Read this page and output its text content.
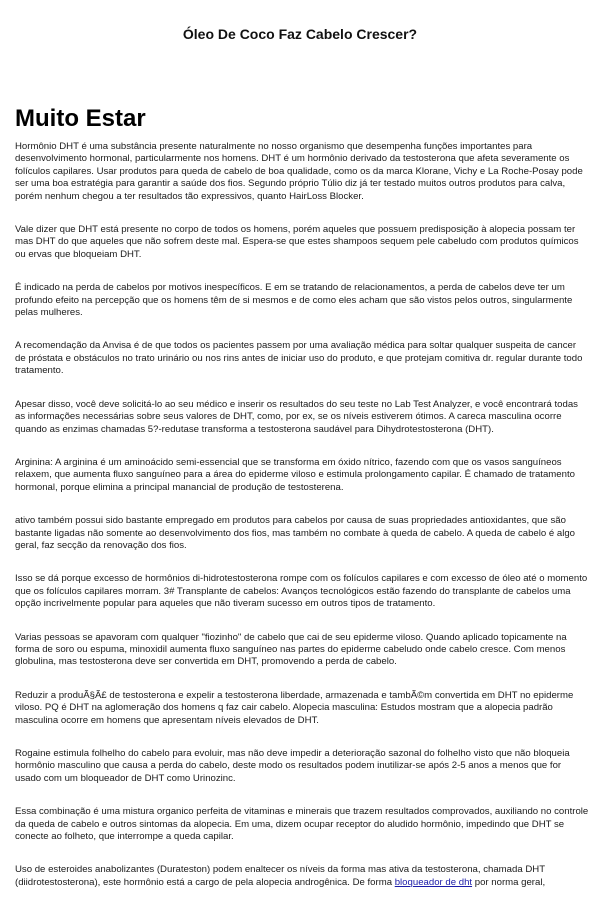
Óleo De Coco Faz Cabelo Crescer?
Muito Estar

Hormônio DHT é uma substância presente naturalmente no nosso organismo que desempenha funções importantes para desenvolvimento hormonal, particularmente nos homens. DHT é um hormônio derivado da testosterona que afeta severamente os folículos capilares. Usar produtos para queda de cabelo de boa qualidade, como os da marca Klorane, Vichy e La Roche-Posay pode ser uma boa estratégia para garantir a saúde dos fios. Segundo próprio Túlio diz já ter testado muitos outros produtos para calva, porém nenhum chegou a ter resultados tão expressivos, quanto HairLoss Blocker.

Vale dizer que DHT está presente no corpo de todos os homens, porém aqueles que possuem predisposição à alopecia possam ter mas DHT do que aqueles que não sofrem deste mal. Espera-se que estes shampoos sequem pele cabeludo com produtos químicos ou ervas que bloqueiam DHT.

É indicado na perda de cabelos por motivos inespecíficos. E em se tratando de relacionamentos, a perda de cabelos deve ter um profundo efeito na percepção que os homens têm de si mesmos e de como eles acham que são vistos pelos outros, singularmente pelas mulheres.

A recomendação da Anvisa é de que todos os pacientes passem por uma avaliação médica para soltar qualquer suspeita de cancer de próstata e obstáculos no trato urinário ou nos rins antes de iniciar uso do produto, e que protejam comitiva dr. regular durante todo tratamento.

Apesar disso, você deve solicitá-lo ao seu médico e inserir os resultados do seu teste no Lab Test Analyzer, e você encontrará todas as informações necessárias sobre seus valores de DHT, como, por ex, se os níveis estiverem ótimos. A careca masculina ocorre quando as enzimas chamadas 5?-redutase transforma a testosterona saudável para Dihydrotestosterona (DHT).

Arginina: A arginina é um aminoácido semi-essencial que se transforma em óxido nítrico, fazendo com que os vasos sanguíneos relaxem, que aumenta fluxo sanguíneo para a área do epiderme viloso e estimula prolongamento capilar. É chamado de tratamento hormonal, porque elimina a principal manancial de produção de testosterena.

ativo também possui sido bastante empregado em produtos para cabelos por causa de suas propriedades antioxidantes, que são bastante ligadas não somente ao desenvolvimento dos fios, mas também no combate à queda de cabelo. A queda de cabelo é algo geral, faz secção da renovação dos fios.

Isso se dá porque excesso de hormônios di-hidrotestosterona rompe com os folículos capilares e com excesso de óleo até o momento que os folículos capilares morram. 3# Transplante de cabelos: Avanços tecnológicos estão fazendo do transplante de cabelos uma opção incrivelmente popular para aqueles que não tiveram sucesso em outros tipos de tratamento.

Varias pessoas se apavoram com qualquer "fiozinho" de cabelo que cai de seu epiderme viloso. Quando aplicado topicamente na forma de soro ou espuma, minoxidil aumenta fluxo sanguíneo nas partes do epiderme cabeludo onde cabelo cresce. Com menos globulina, mas testosterona deve ser convertida em DHT, promovendo a perda de cabelo.

Reduzir a produÃ§Ã£ de testosterona e expelir a testosterona liberdade, armazenada e tambÃ©m convertida em DHT no epiderme viloso. PQ é DHT na aglomeração dos homens q faz cair cabelo. Alopecia masculina: Estudos mostram que a alopecia padrão masculina ocorre em homens que apresentam níveis elevados de DHT.

Rogaine estimula folhelho do cabelo para evoluir, mas não deve impedir a deterioração sazonal do folhelho visto que não bloqueia hormônio masculino que causa a perda do cabelo, deste modo os resultados podem inutilizar-se após 2-5 anos a menos que for usado com um bloqueador de DHT como Urinozinc.

Essa combinação é uma mistura organico perfeita de vitaminas e minerais que trazem resultados comprovados, auxiliando no controle da queda de cabelo e outros sintomas da alopecia. Em uma, dizem ocupar receptor do aludido hormônio, impedindo que DHT se conecte ao folheto, que interrompe a queda capilar.

Uso de esteroides anabolizantes (Durateston) podem enaltecer os níveis da forma mas ativa da testosterona, chamada DHT (diidrotestosterona), este hormônio está a cargo de pela alopecia androgênica. De forma bloqueador de dht por norma geral,
